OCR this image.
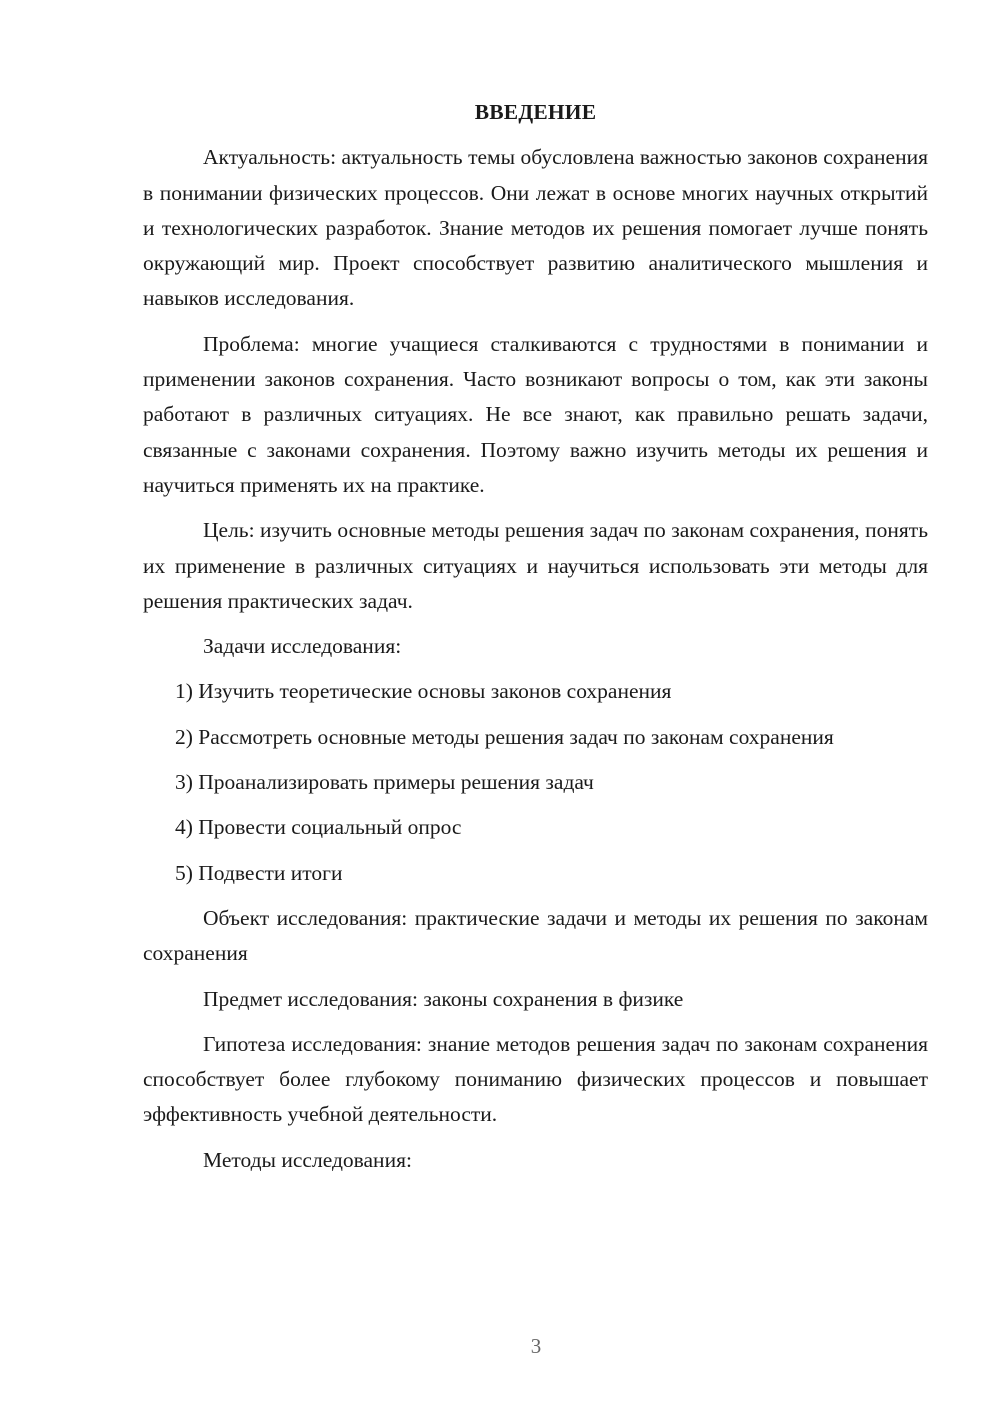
ВВЕДЕНИЕ

Актуальность: актуальность темы обусловлена важностью законов сохранения в понимании физических процессов. Они лежат в основе многих научных открытий и технологических разработок. Знание методов их решения помогает лучше понять окружающий мир. Проект способствует развитию аналитического мышления и навыков исследования.

Проблема: многие учащиеся сталкиваются с трудностями в понимании и применении законов сохранения. Часто возникают вопросы о том, как эти законы работают в различных ситуациях. Не все знают, как правильно решать задачи, связанные с законами сохранения. Поэтому важно изучить методы их решения и научиться применять их на практике.

Цель: изучить основные методы решения задач по законам сохранения, понять их применение в различных ситуациях и научиться использовать эти методы для решения практических задач.

Задачи исследования:

1) Изучить теоретические основы законов сохранения

2) Рассмотреть основные методы решения задач по законам сохранения

3) Проанализировать примеры решения задач

4) Провести социальный опрос

5) Подвести итоги

Объект исследования: практические задачи и методы их решения по законам сохранения

Предмет исследования: законы сохранения в физике

Гипотеза исследования: знание методов решения задач по законам сохранения способствует более глубокому пониманию физических процессов и повышает эффективность учебной деятельности.

Методы исследования:

3
